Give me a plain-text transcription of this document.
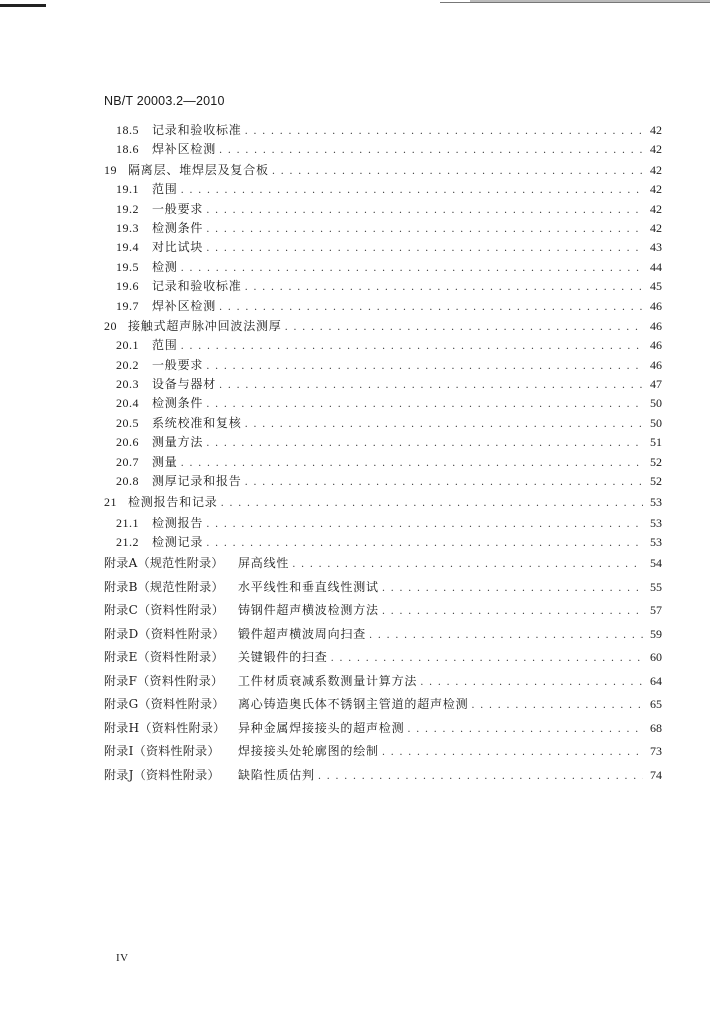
NB/T 20003.2—2010
18.5	记录和验收标准 . . .	42
18.6	焊补区检测 . . .	42
19 隔离层、堆焊层及复合板 . . .	42
19.1	范围 . . .	42
19.2	一般要求 . . .	42
19.3	检测条件 . . .	42
19.4	对比试块 . . .	43
19.5	检测 . . .	44
19.6	记录和验收标准 . . .	45
19.7	焊补区检测 . . .	46
20 接触式超声脉冲回波法测厚 . . .	46
20.1	范围 . . .	46
20.2	一般要求 . . .	46
20.3	设备与器材 . . .	47
20.4	检测条件 . . .	50
20.5	系统校准和复核 . . .	50
20.6	测量方法 . . .	51
20.7	测量 . . .	52
20.8	测厚记录和报告 . . .	52
21 检测报告和记录 . . .	53
21.1	检测报告 . . .	53
21.2	检测记录 . . .	53
附录A（规范性附录）	屏高线性 . . .	54
附录B（规范性附录）	水平线性和垂直线性测试 . . .	55
附录C（资料性附录）	铸钢件超声横波检测方法 . . .	57
附录D（资料性附录）	锻件超声横波周向扫查 . . .	59
附录E（资料性附录）	关键锻件的扫查 . . .	60
附录F（资料性附录）	工件材质衰减系数测量计算方法 . . .	64
附录G（资料性附录）	离心铸造奥氏体不锈钢主管道的超声检测 . . .	65
附录H（资料性附录）	异种金属焊接接头的超声检测 . . .	68
附录I（资料性附录）	焊接接头处轮廓图的绘制 . . .	73
附录J（资料性附录）	缺陷性质估判 . . .	74
IV
